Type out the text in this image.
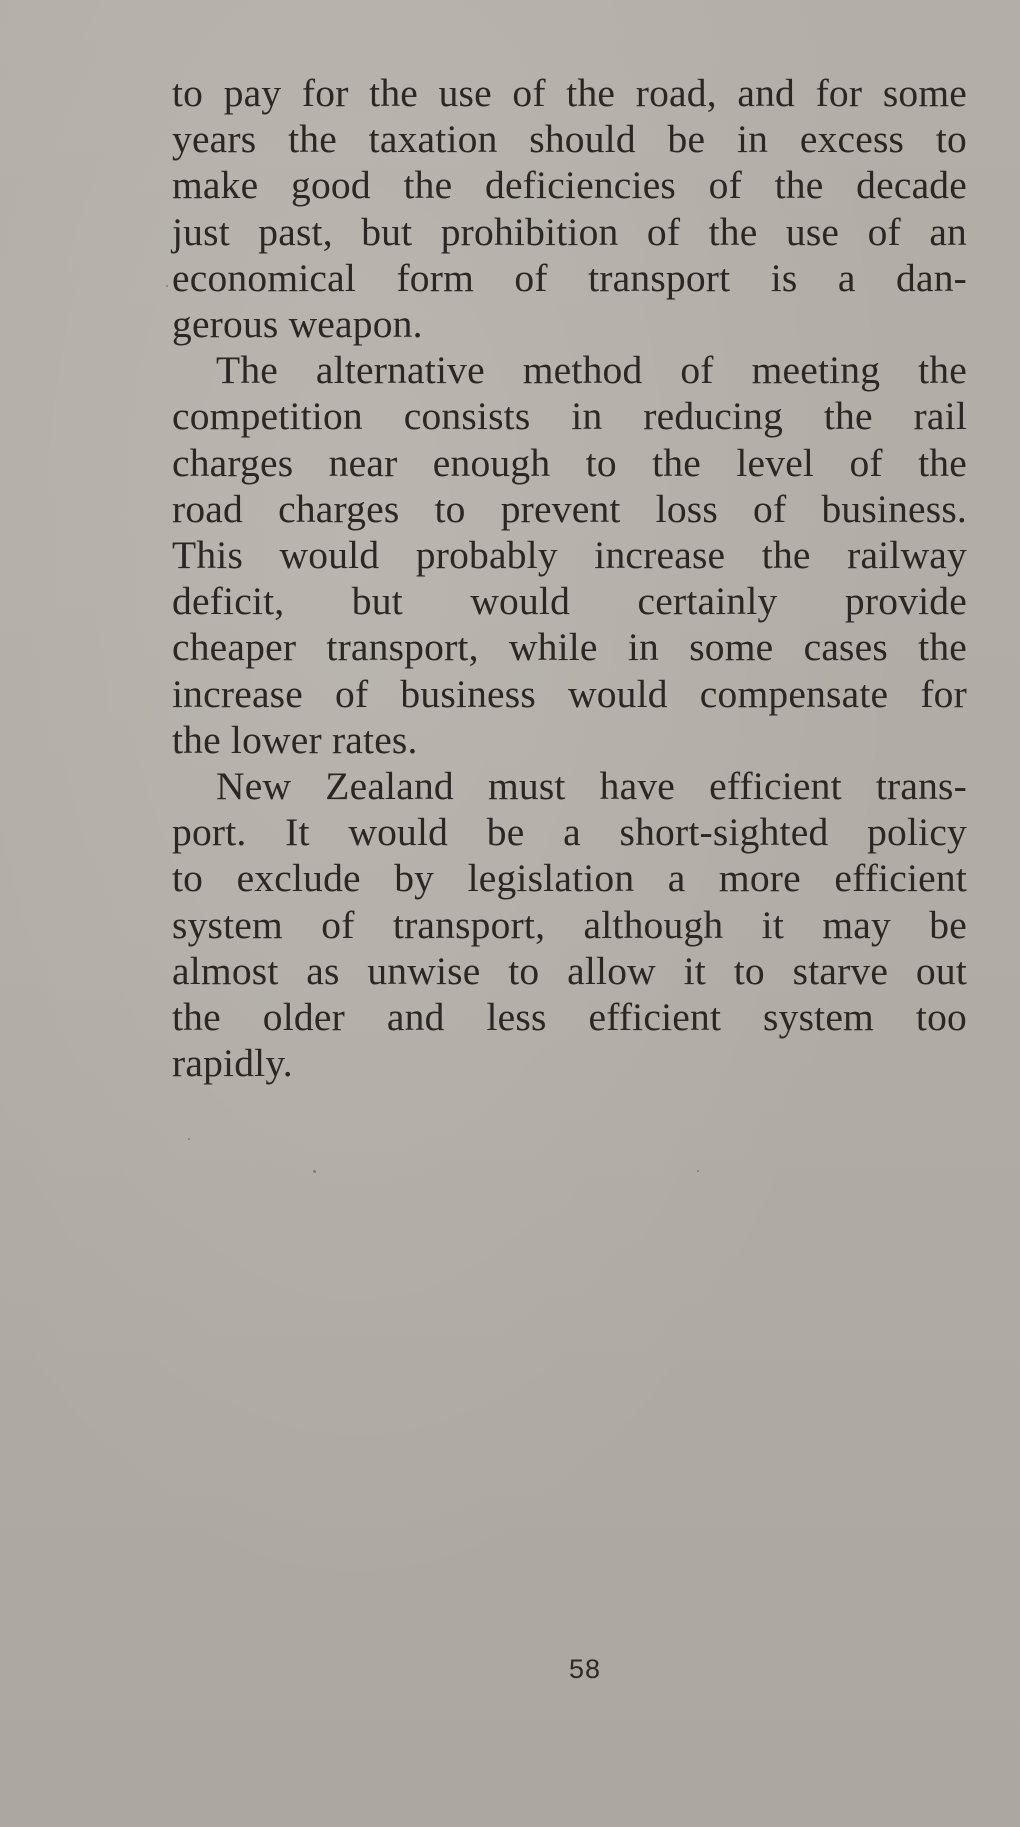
to pay for the use of the road, and for some
years the taxation should be in excess to
make good the deficiencies of the decade
just past, but prohibition of the use of an
economical form of transport is a dan-
gerous weapon.

The alternative method of meeting the
competition consists in reducing the rail
charges near enough to the level of the
road charges to prevent loss of business.
This would probably increase the railway
deficit, but would certainly provide
cheaper transport, while in some cases the
increase of business would compensate for
the lower rates.

New Zealand must have efficient trans-
port. It would be a short-sighted policy
to exclude by legislation a more efficient
system of transport, although it may be
almost as unwise to allow it to starve out
the older and less efficient system too
rapidly.

58
